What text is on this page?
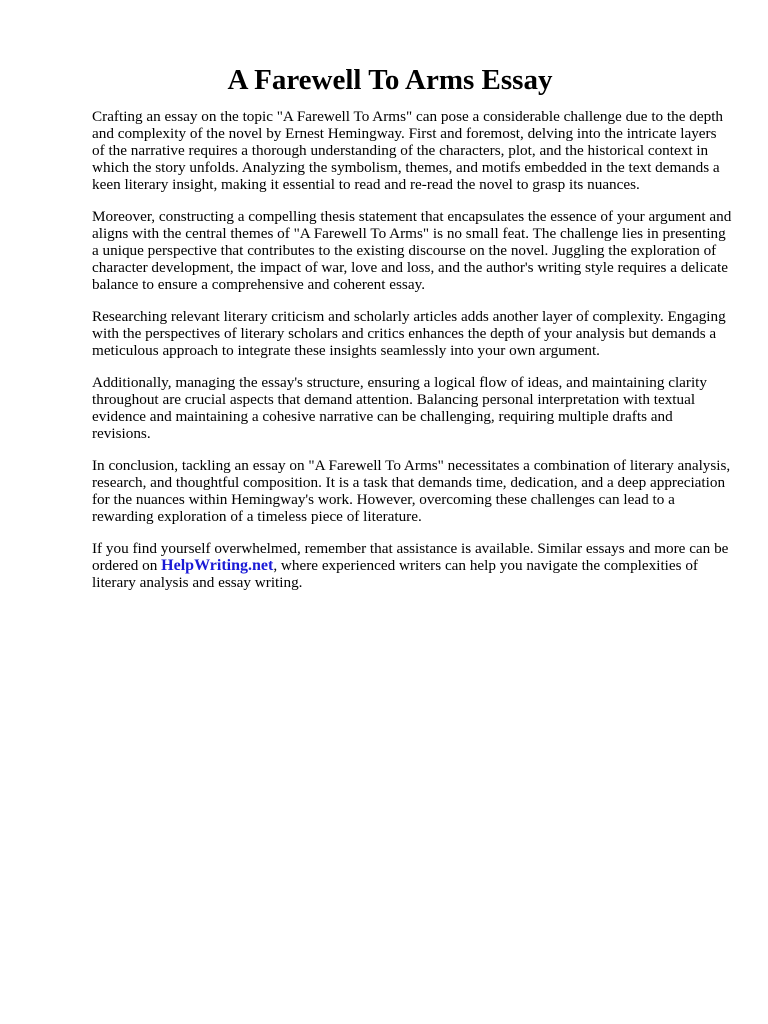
A Farewell To Arms Essay

Crafting an essay on the topic "A Farewell To Arms" can pose a considerable challenge due to the depth and complexity of the novel by Ernest Hemingway. First and foremost, delving into the intricate layers of the narrative requires a thorough understanding of the characters, plot, and the historical context in which the story unfolds. Analyzing the symbolism, themes, and motifs embedded in the text demands a keen literary insight, making it essential to read and re-read the novel to grasp its nuances.

Moreover, constructing a compelling thesis statement that encapsulates the essence of your argument and aligns with the central themes of "A Farewell To Arms" is no small feat. The challenge lies in presenting a unique perspective that contributes to the existing discourse on the novel. Juggling the exploration of character development, the impact of war, love and loss, and the author's writing style requires a delicate balance to ensure a comprehensive and coherent essay.

Researching relevant literary criticism and scholarly articles adds another layer of complexity. Engaging with the perspectives of literary scholars and critics enhances the depth of your analysis but demands a meticulous approach to integrate these insights seamlessly into your own argument.

Additionally, managing the essay's structure, ensuring a logical flow of ideas, and maintaining clarity throughout are crucial aspects that demand attention. Balancing personal interpretation with textual evidence and maintaining a cohesive narrative can be challenging, requiring multiple drafts and revisions.

In conclusion, tackling an essay on "A Farewell To Arms" necessitates a combination of literary analysis, research, and thoughtful composition. It is a task that demands time, dedication, and a deep appreciation for the nuances within Hemingway's work. However, overcoming these challenges can lead to a rewarding exploration of a timeless piece of literature.

If you find yourself overwhelmed, remember that assistance is available. Similar essays and more can be ordered on HelpWriting.net, where experienced writers can help you navigate the complexities of literary analysis and essay writing.
